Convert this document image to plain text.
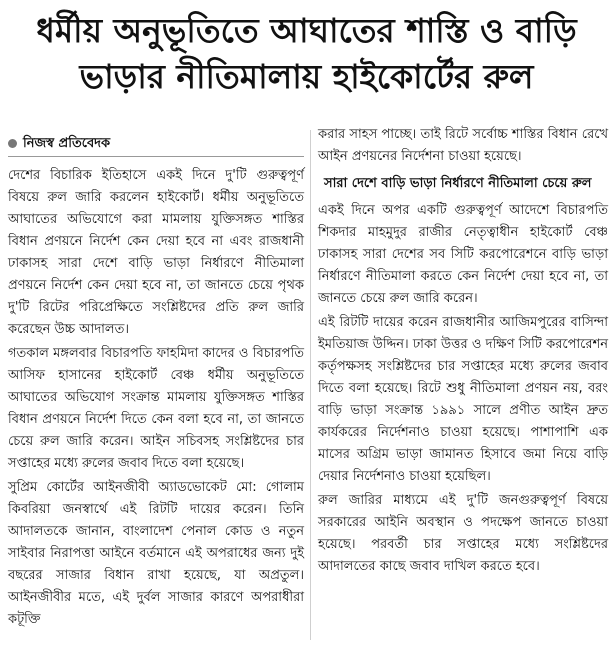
ধর্মীয় অনুভূতিতে আঘাতের শাস্তি ও বাড়ি
ভাড়ার নীতিমালায় হাইকোর্টের রুল
নিজস্ব প্রতিবেদক

দেশের বিচারিক ইতিহাসে একই দিনে দু'টি গুরুত্বপূর্ণ বিষয়ে রুল জারি করলেন হাইকোর্ট। ধর্মীয় অনুভূতিতে আঘাতের অভিযোগে করা মামলায় যুক্তিসঙ্গত শাস্তির বিধান প্রণয়নে নির্দেশ কেন দেয়া হবে না এবং রাজধানী ঢাকাসহ সারা দেশে বাড়ি ভাড়া নির্ধারণে নীতিমালা প্রণয়নে নির্দেশ কেন দেয়া হবে না, তা জানতে চেয়ে পৃথক দু'টি রিটের পরিপ্রেক্ষিতে সংশ্লিষ্টদের প্রতি রুল জারি করেছেন উচ্চ আদালত।

গতকাল মঙ্গলবার বিচারপতি ফাহমিদা কাদের ও বিচারপতি আসিফ হাসানের হাইকোর্ট বেঞ্চ ধর্মীয় অনুভূতিতে আঘাতের অভিযোগ সংক্রান্ত মামলায় যুক্তিসঙ্গত শাস্তির বিধান প্রণয়নে নির্দেশ দিতে কেন বলা হবে না, তা জানতে চেয়ে রুল জারি করেন। আইন সচিবসহ সংশ্লিষ্টদের চার সপ্তাহের মধ্যে রুলের জবাব দিতে বলা হয়েছে।

সুপ্রিম কোর্টের আইনজীবী অ্যাডভোকেট মো: গোলাম কিবরিয়া জনস্বার্থে এই রিটটি দায়ের করেন। তিনি আদালতকে জানান, বাংলাদেশ পেনাল কোড ও নতুন সাইবার নিরাপত্তা আইনে বর্তমানে এই অপরাধের জন্য দুই বছরের সাজার বিধান রাখা হয়েছে, যা অপ্রতুল। আইনজীবীর মতে, এই দুর্বল সাজার কারণে অপরাধীরা কটূক্তি

করার সাহস পাচ্ছে। তাই রিটে সর্বোচ্চ শাস্তির বিধান রেখে আইন প্রণয়নের নির্দেশনা চাওয়া হয়েছে।

সারা দেশে বাড়ি ভাড়া নির্ধারণে নীতিমালা চেয়ে রুল

একই দিনে অপর একটি গুরুত্বপূর্ণ আদেশে বিচারপতি শিকদার মাহমুদুর রাজীর নেতৃত্বাধীন হাইকোর্ট বেঞ্চ ঢাকাসহ সারা দেশের সব সিটি করপোরেশনে বাড়ি ভাড়া নির্ধারণে নীতিমালা করতে কেন নির্দেশ দেয়া হবে না, তা জানতে চেয়ে রুল জারি করেন।

এই রিটটি দায়ের করেন রাজধানীর আজিমপুরের বাসিন্দা ইমতিয়াজ উদ্দিন। ঢাকা উত্তর ও দক্ষিণ সিটি করপোরেশন কর্তৃপক্ষসহ সংশ্লিষ্টদের চার সপ্তাহের মধ্যে রুলের জবাব দিতে বলা হয়েছে। রিটে শুধু নীতিমালা প্রণয়ন নয়, বরং বাড়ি ভাড়া সংক্রান্ত ১৯৯১ সালে প্রণীত আইন দ্রুত কার্যকরের নির্দেশনাও চাওয়া হয়েছে। পাশাপাশি এক মাসের অগ্রিম ভাড়া জামানত হিসাবে জমা নিয়ে বাড়ি দেয়ার নির্দেশনাও চাওয়া হয়েছিল।

রুল জারির মাধ্যমে এই দু'টি জনগুরুত্বপূর্ণ বিষয়ে সরকারের আইনি অবস্থান ও পদক্ষেপ জানতে চাওয়া হয়েছে। পরবর্তী চার সপ্তাহের মধ্যে সংশ্লিষ্টদের আদালতের কাছে জবাব দাখিল করতে হবে।
